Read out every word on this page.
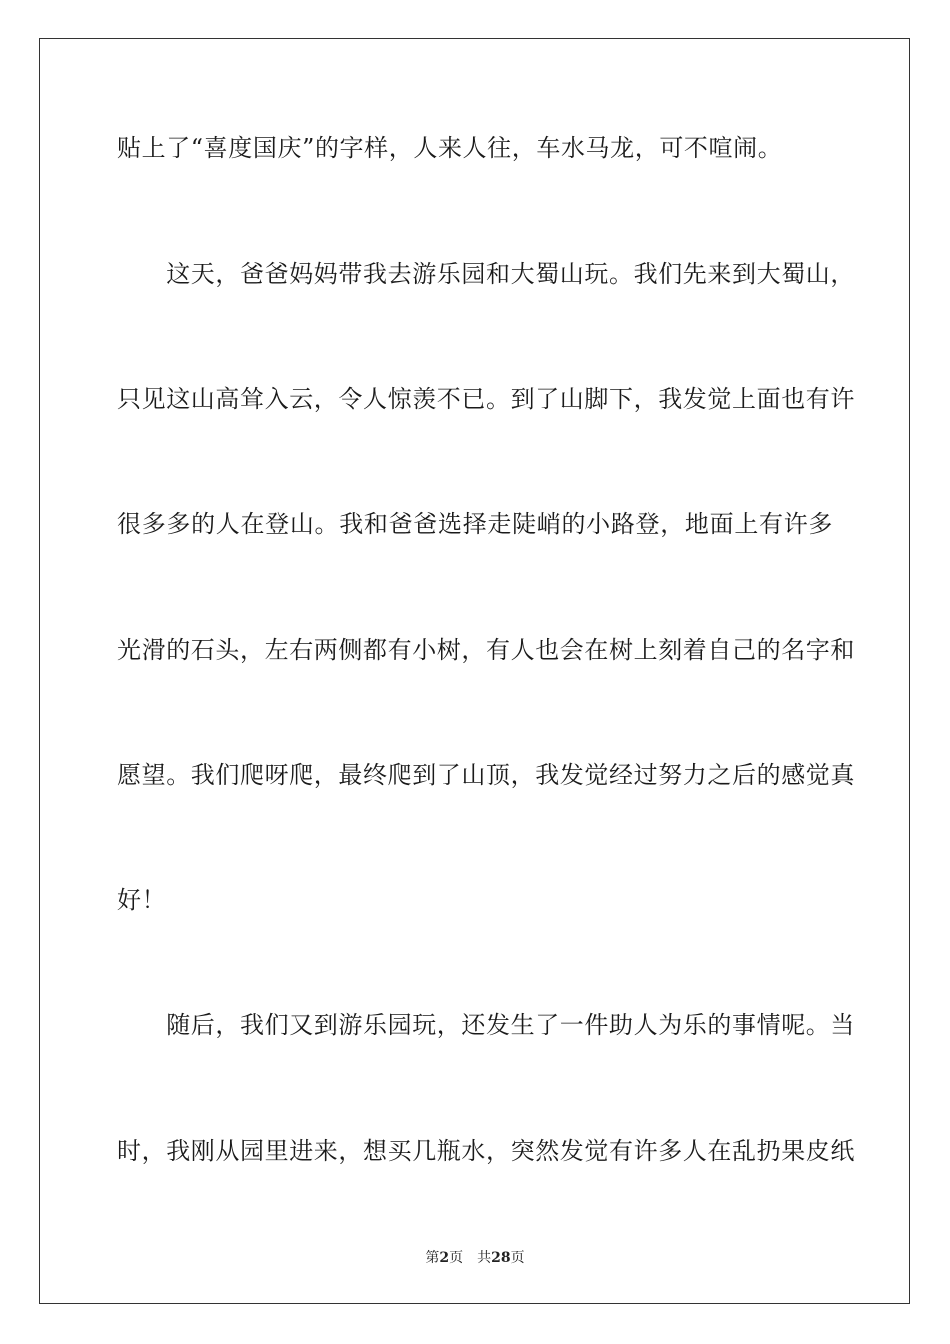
贴上了“喜度国庆”的字样，人来人往，车水马龙，可不喧闹。
　　这天，爸爸妈妈带我去游乐园和大蜀山玩。我们先来到大蜀山，
只见这山高耸入云，令人惊羡不已。到了山脚下，我发觉上面也有许
很多多的人在登山。我和爸爸选择走陡峭的小路登，地面上有许多
光滑的石头，左右两侧都有小树，有人也会在树上刻着自己的名字和
愿望。我们爬呀爬，最终爬到了山顶，我发觉经过努力之后的感觉真
好！
　　随后，我们又到游乐园玩，还发生了一件助人为乐的事情呢。当
时，我刚从园里进来，想买几瓶水，突然发觉有许多人在乱扔果皮纸
第2页 共28页
